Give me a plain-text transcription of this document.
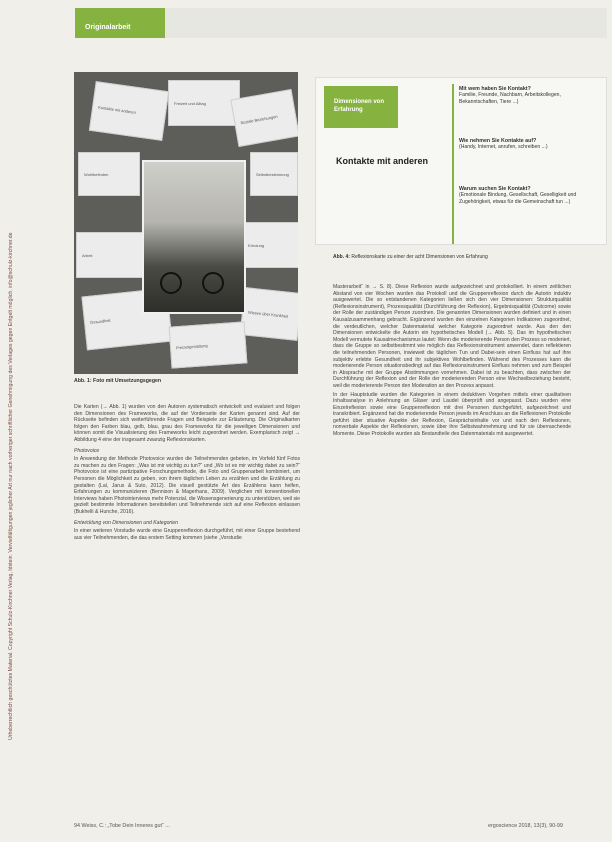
Urheberrechtlich geschütztes Material. Copyright Schulz-Kirchner Verlag, Idstein. Vervielfältigungen jeglicher Art nur nach vorheriger schriftlicher Genehmigung des Verlages gegen Entgelt möglich. info@schulz-kirchner.de
Originalarbeit
Kontakte mit anderen
Freizeit und Alltag
Soziale Beziehungen
Wohlbefinden	Selbstbestimmung
Arbeit
Erholung
Gesundheit
Wissen über Krankheit
Freizeitgestaltung
Abb. 1: Foto mit Umsetzungsgegen

Die Karten (→ Abb. 1) wurden von den Autoren systematisch entwickelt und evaluiert und folgen den Dimensionen des Frameworks, die auf der Vorderseite der Karten genannt sind. Auf der Rückseite befinden sich weiterführende Fragen und Beispiele zur Erläuterung. Die Originalkarten folgen den Farben blau, gelb, blau, grau des Frameworks für die jeweiligen Dimensionen und können somit die Visualisierung des Frameworks leicht zugeordnet werden. Exemplarisch zeigt → Abbildung 4 eine der insgesamt zwanzig Reflexionskarten.

Photovoice

In Anwendung der Methode Photovoice wurden die Teilnehmenden gebeten, im Vorfeld fünf Fotos zu machen zu den Fragen: „Was ist mir wichtig zu tun?“ und „Wo ist es mir wichtig dabei zu sein?“ Photovoice ist eine partizipative Forschungsmethode, die Foto und Gruppenarbeit kombiniert, um Personen die Möglichkeit zu geben, von ihrem täglichen Leben zu erzählen und die Erzählung zu gestalten (Lal, Jarus & Suto, 2012). Die visuell gestützte Art des Erzählens kann helfen, Erfahrungen zu kommunizieren (Bennison & Magerhans, 2009). Verglichen mit konventionellen Interviews haben Photointerviews mehr Potenzial, die Wissensgenerierung zu unterstützen, weil sie gezielt bestimmte Informationen bereitstellen und Teilnehmende sich auf eine Reflexion einlassen (Bukhelli & Hunche, 2016).

Entwicklung von Dimensionen und Kategorien

In einer weiteren Vorstudie wurde eine Gruppenreflexion durchgeführt, mit einer Gruppe bestehend aus vier Teilnehmenden, die das erstem Setting kommen (siehe „Vorstudie

Dimensionen von Erfahrung
Kontakte mit anderen
Mit wem haben Sie Kontakt?
Familie, Freunde, Nachbarn, Arbeitskollegen, Bekanntschaften, Tiere ...)
Wie nehmen Sie Kontakte auf?
(Handy, Internet, anrufen, schreiben ...)
Warum suchen Sie Kontakt?
(Emotionale Bindung, Gesellschaft, Geselligkeit und Zugehörigkeit, etwas für die Gemeinschaft tun ...)
Abb. 4: Reflexionskarte zu einer der acht Dimensionen von Erfahrung

Masterarbeit“ in → S. 8). Diese Reflexion wurde aufgezeichnet und protokolliert. In einem zeitlichen Abstand von vier Wochen wurden das Protokoll und die Gruppenreflexion durch die Autorin induktiv ausgewertet. Die so entstandenen Kategorien ließen sich den vier Dimensionen: Strukturqualität (Reflexionsinstrument), Prozessqualität (Durchführung der Reflexion), Ergebnisqualität (Outcome) sowie der Rolle der zuständigen Person zuordnen. Die genannten Dimensionen wurden definiert und in einen Kausalzusammenhang gebracht. Ergänzend wurden den einzelnen Kategorien Indikatoren zugeordnet, die verdeutlichen, welcher Datenmaterial welcher Kategorie zugeordnet wurde. Aus den den Dimensionen entwickelte die Autorin ein hypothetisches Modell (→ Abb. 5). Das im hypothetischen Modell vermutete Kausalmechanismus lautet: Wenn die moderierende Person den Prozess so moderiert, dass die Gruppe so selbstbestimmt wie möglich das Reflexionsinstrument anwendet, dann reflektieren die teilnehmenden Personen, inwieweit die täglichen Tun und Dabei-sein einen Einfluss hat auf ihre subjektiv erlebte Gesundheit und ihr subjektives Wohlbefinden. Während des Prozesses kann die moderierende Person situationsbedingt auf das Reflexionsinstrument Einfluss nehmen und zum Beispiel in Absprache mit der Gruppe Abstimmungen vornehmen. Dabei ist zu beachten, dass zwischen der Durchführung der Reflexion und der Rolle der moderierenden Person eine Wechselbeziehung besteht, weil die moderierende Person den Moderation an den Prozess anpasst.

In der Hauptstudie wurden die Kategorien in einem deduktiven Vorgehen mittels einer qualitativen Inhaltsanalyse in Anlehnung an Gläser und Laudel überprüft und angepasst. Dazu wurden eine Einzelreflexion sowie eine Gruppenreflexion mit drei Personen durchgeführt, aufgezeichnet und transkribiert. Ergänzend hat die moderierende Person jeweils im Anschluss an die Reflexionen Protokolle geführt über situative Aspekte der Reflexion, Gesprächsinhalte vor und nach den Reflexionen, nonverbale Aspekte der Reflexionen, sowie über ihre Selbstwahrnehmung und für sie überraschende Momente. Diese Protokolle wurden als Bestandteile des Datenmaterials mit ausgewertet.

94 Weiss, C.: „Tobe Dein Inneres gut“ ...	ergoscience 2018, 13(3), 90-99
